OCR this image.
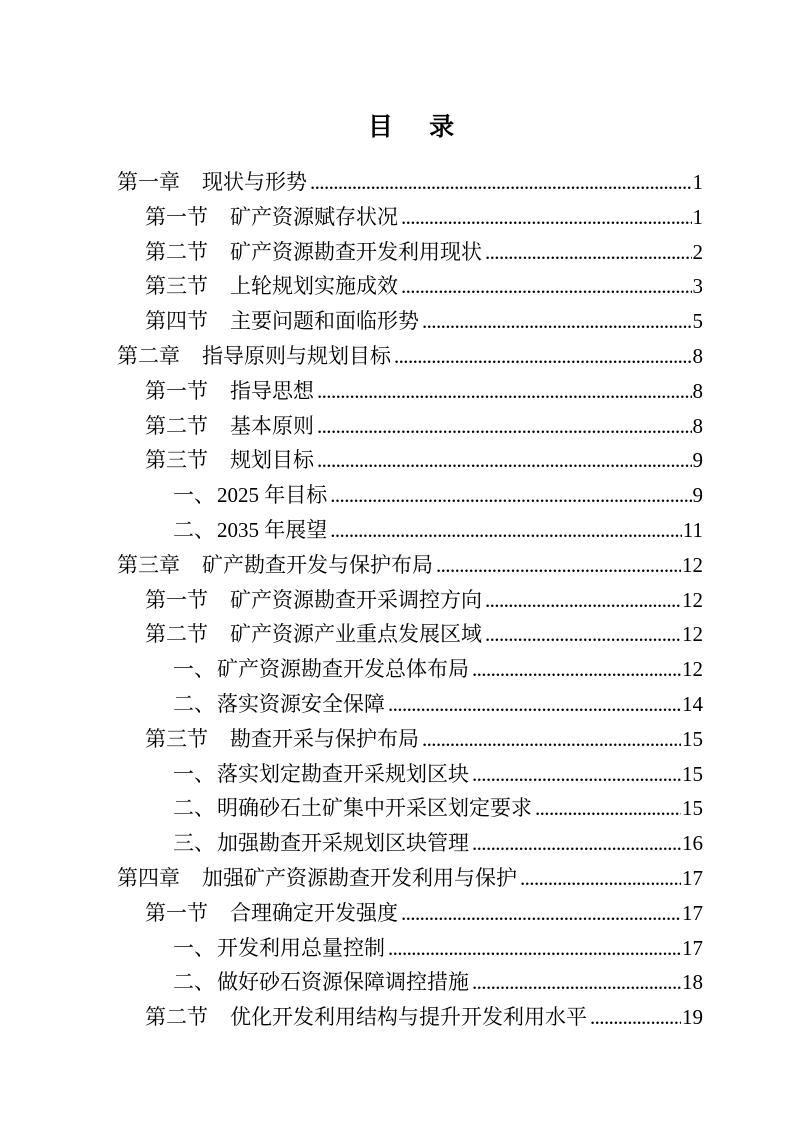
目 录
第一章 现状与形势 .....	1
第一节 矿产资源赋存状况 .....	1
第二节 矿产资源勘查开发利用现状 .....	2
第三节 上轮规划实施成效 .....	3
第四节 主要问题和面临形势 .....	5
第二章 指导原则与规划目标 .....	8
第一节 指导思想 .....	8
第二节 基本原则 .....	8
第三节 规划目标 .....	9
一、 2025 年目标 .....	9
二、 2035 年展望 .....	11
第三章 矿产勘查开发与保护布局 .....	12
第一节 矿产资源勘查开采调控方向 .....	12
第二节 矿产资源产业重点发展区域 .....	12
一、 矿产资源勘查开发总体布局 .....	12
二、 落实资源安全保障 .....	14
第三节 勘查开采与保护布局 .....	15
一、 落实划定勘查开采规划区块 .....	15
二、 明确砂石土矿集中开采区划定要求 .....	15
三、 加强勘查开采规划区块管理 .....	16
第四章 加强矿产资源勘查开发利用与保护 .....	17
第一节 合理确定开发强度 .....	17
一、 开发利用总量控制 .....	17
二、 做好砂石资源保障调控措施 .....	18
第二节 优化开发利用结构与提升开发利用水平 .....	19
